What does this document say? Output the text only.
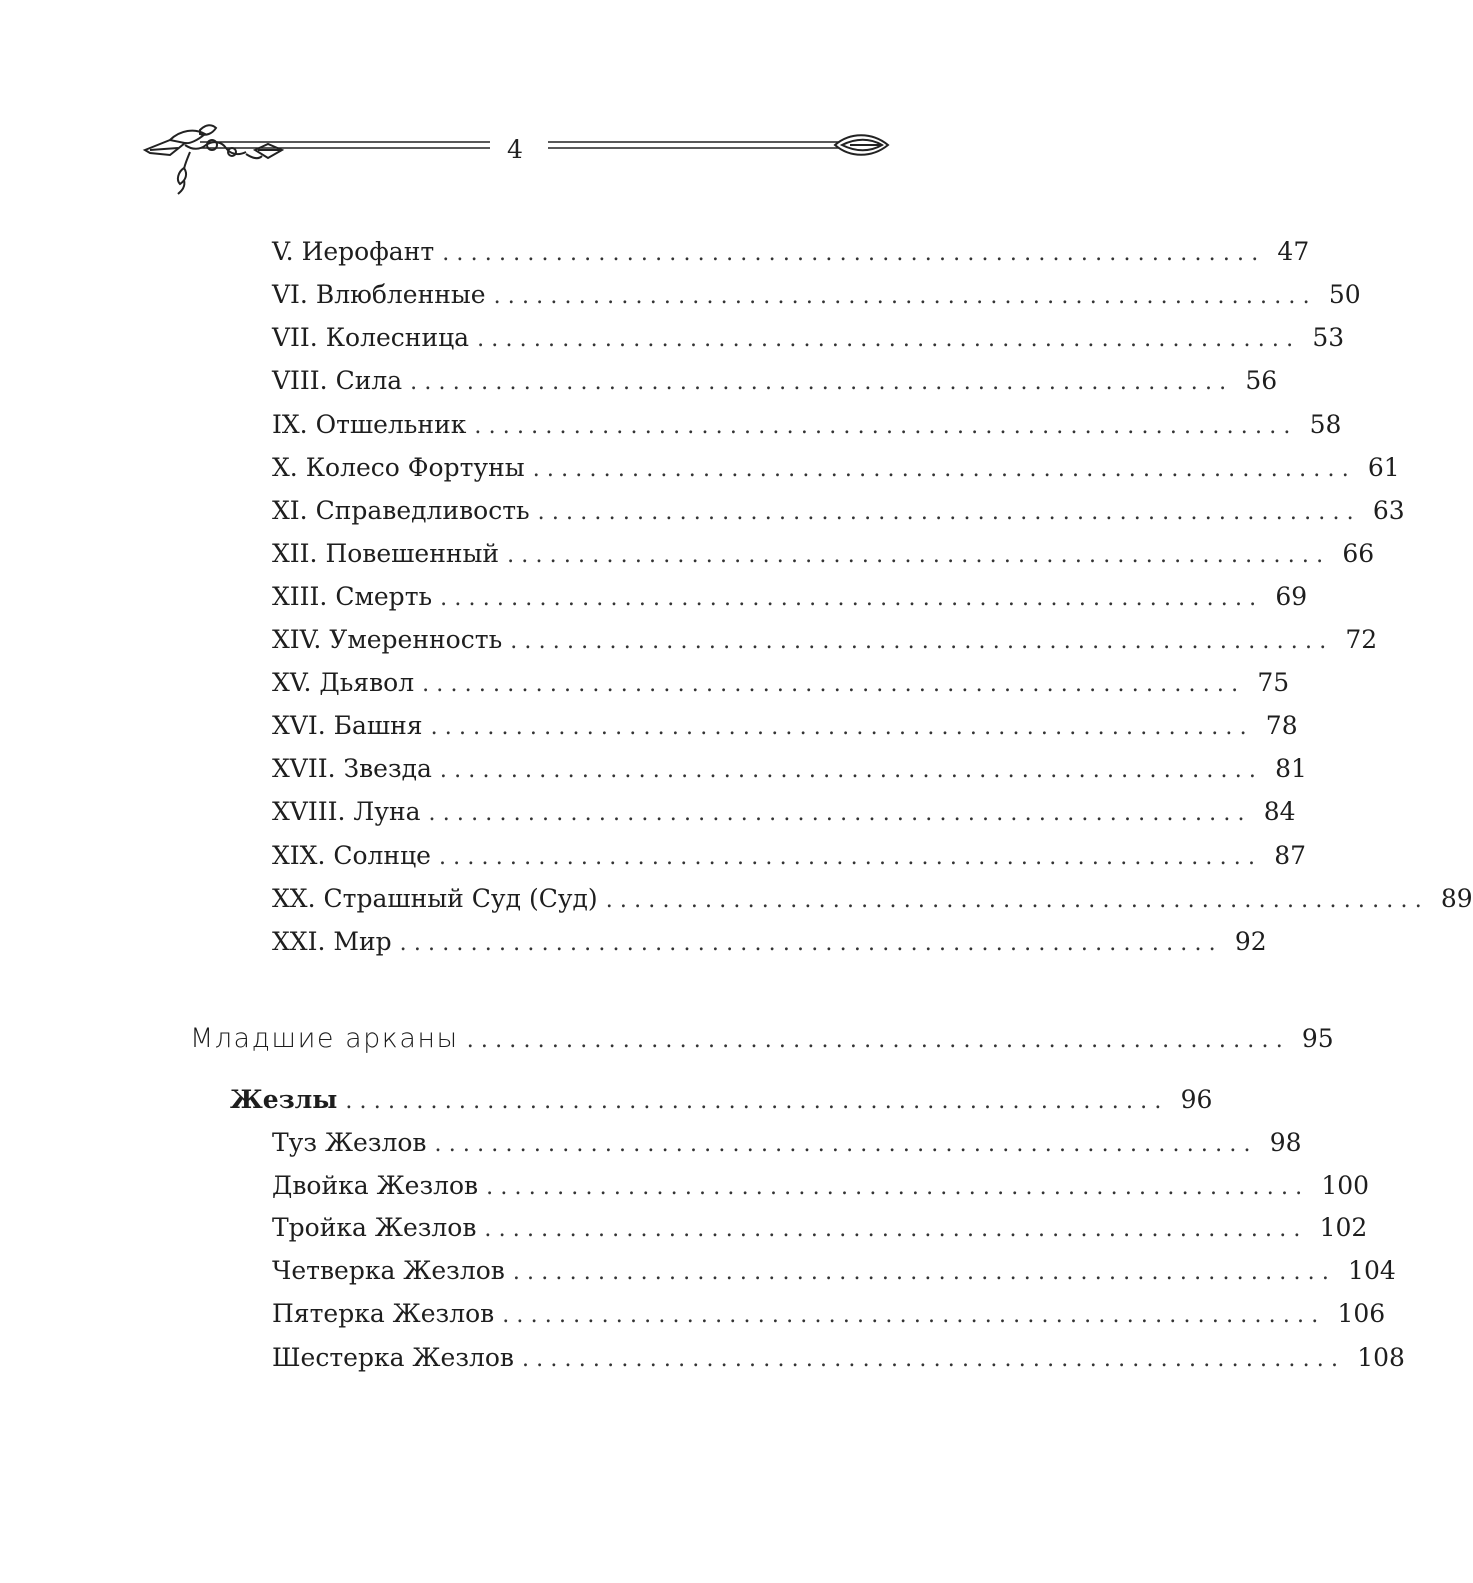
4
V. Иерофант .......................................................... 47
VI. Влюбленные .......................................................... 50
VII. Колесница .......................................................... 53
VIII. Сила .......................................................... 56
IX. Отшельник .......................................................... 58
X. Колесо Фортуны .......................................................... 61
XI. Справедливость .......................................................... 63
XII. Повешенный .......................................................... 66
XIII. Смерть .......................................................... 69
XIV. Умеренность .......................................................... 72
XV. Дьявол .......................................................... 75
XVI. Башня .......................................................... 78
XVII. Звезда .......................................................... 81
XVIII. Луна .......................................................... 84
XIX. Солнце .......................................................... 87
XX. Страшный Суд (Суд) .......................................................... 89
XXI. Мир .......................................................... 92
Младшие арканы .......................................................... 95
Жезлы .......................................................... 96
Туз Жезлов .......................................................... 98
Двойка Жезлов .......................................................... 100
Тройка Жезлов .......................................................... 102
Четверка Жезлов .......................................................... 104
Пятерка Жезлов .......................................................... 106
Шестерка Жезлов .......................................................... 108
